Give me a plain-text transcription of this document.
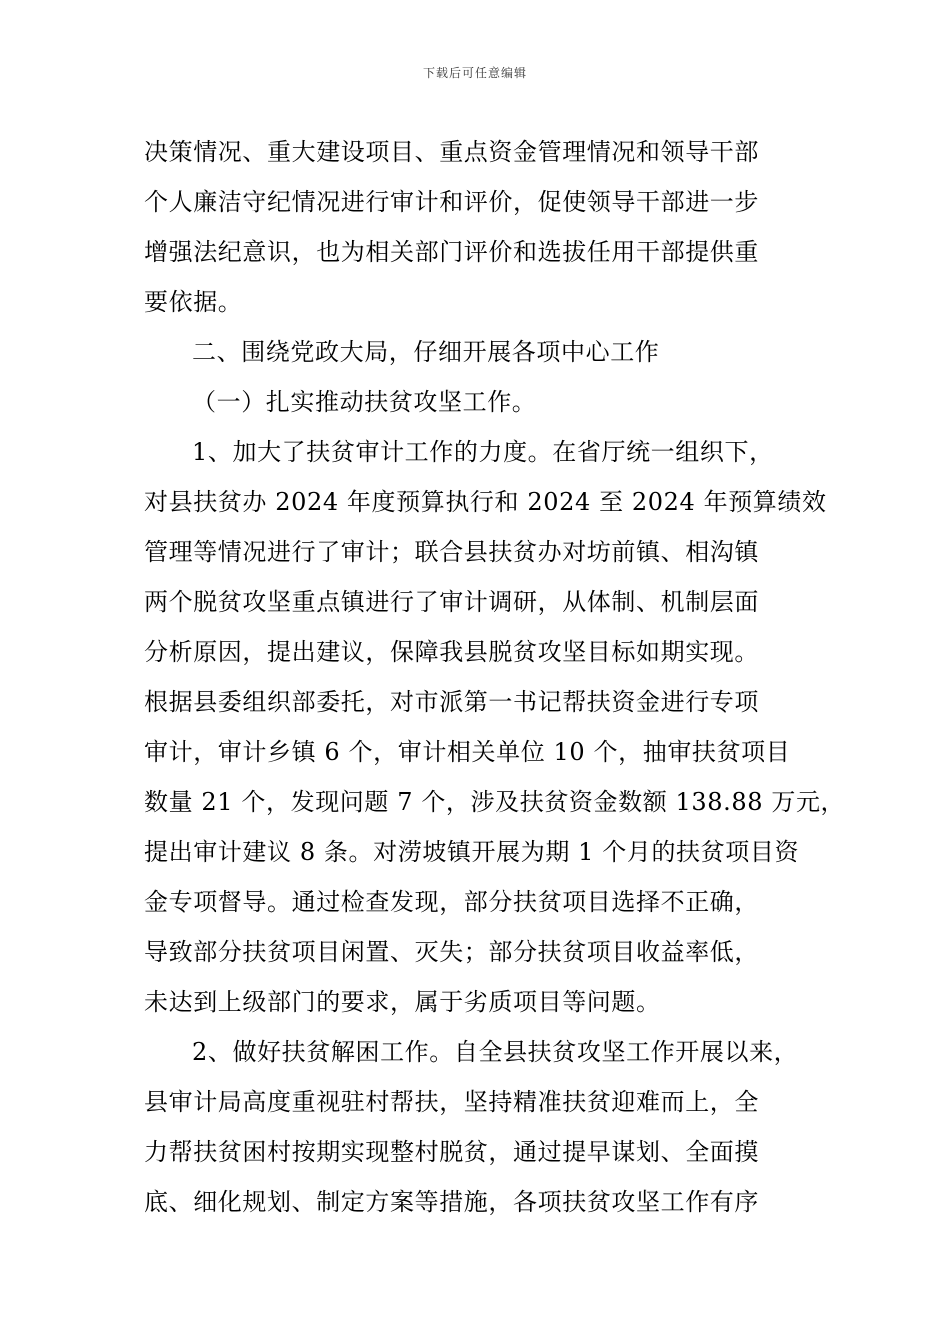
下载后可任意编辑
决策情况、重大建设项目、重点资金管理情况和领导干部
个人廉洁守纪情况进行审计和评价，促使领导干部进一步
增强法纪意识，也为相关部门评价和选拔任用干部提供重
要依据。
二、围绕党政大局，仔细开展各项中心工作
（一）扎实推动扶贫攻坚工作。
1、加大了扶贫审计工作的力度。在省厅统一组织下，
对县扶贫办 2024 年度预算执行和 2024 至 2024 年预算绩效
管理等情况进行了审计；联合县扶贫办对坊前镇、相沟镇
两个脱贫攻坚重点镇进行了审计调研，从体制、机制层面
分析原因，提出建议，保障我县脱贫攻坚目标如期实现。
根据县委组织部委托，对市派第一书记帮扶资金进行专项
审计，审计乡镇 6 个，审计相关单位 10 个，抽审扶贫项目
数量 21 个，发现问题 7 个，涉及扶贫资金数额 138.88 万元，
提出审计建议 8 条。对涝坡镇开展为期 1 个月的扶贫项目资
金专项督导。通过检查发现，部分扶贫项目选择不正确，
导致部分扶贫项目闲置、灭失；部分扶贫项目收益率低，
未达到上级部门的要求，属于劣质项目等问题。
2、做好扶贫解困工作。自全县扶贫攻坚工作开展以来，
县审计局高度重视驻村帮扶，坚持精准扶贫迎难而上，全
力帮扶贫困村按期实现整村脱贫，通过提早谋划、全面摸
底、细化规划、制定方案等措施，各项扶贫攻坚工作有序
